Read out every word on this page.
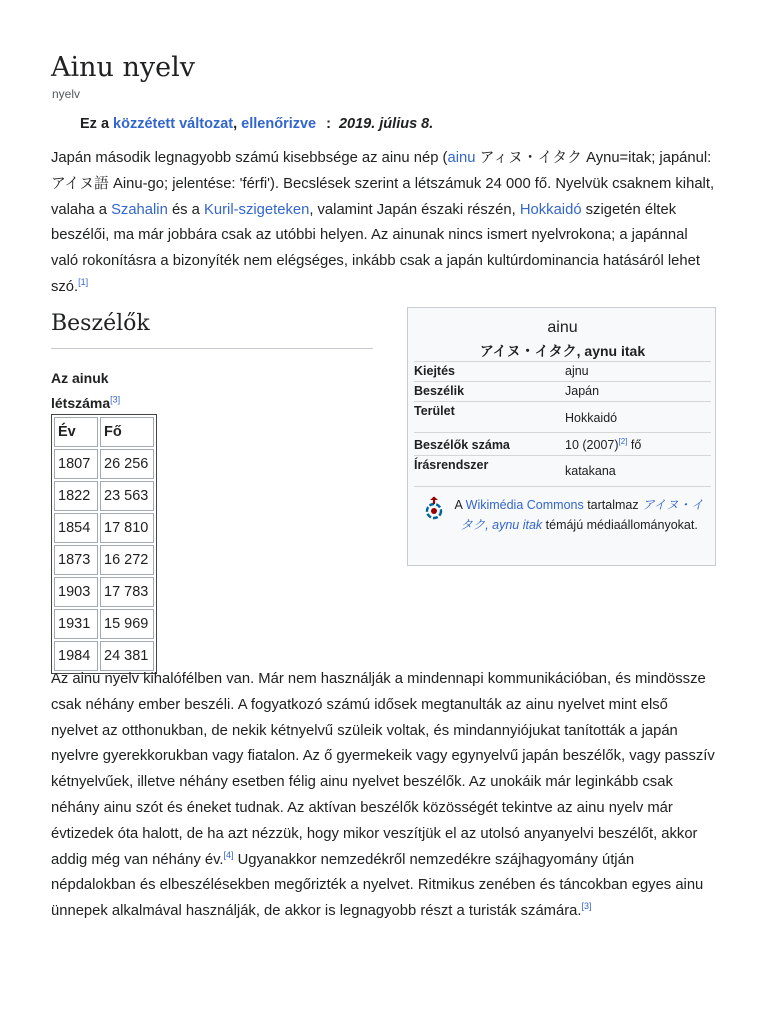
Ainu nyelv
nyelv
Ez a közzétett változat, ellenőrizve : 2019. július 8.

Japán második legnagyobb számú kisebbsége az ainu nép (ainu アィヌ・イタク Aynu=itak; japánul: アイヌ語 Ainu-go; jelentése: 'férfi'). Becslések szerint a létszámuk 24 000 fő. Nyelvük csaknem kihalt, valaha a Szahalin és a Kuril-szigeteken, valamint Japán északi részén, Hokkaidó szigetén éltek beszélői, ma már jobbára csak az utóbbi helyen. Az ainunak nincs ismert nyelvrokona; a japánnal való rokonításra a bizonyíték nem elégséges, inkább csak a japán kultúrdominancia hatásáról lehet szó.[1]

Beszélők
Az ainuk létszáma[3]
Év	Fő
1807	26 256
1822	23 563
1854	17 810
1873	16 272
1903	17 783
1931	15 969
1984	24 381
ainu
アイヌ・イタク, aynu itak
Kiejtés	ajnu
Beszélik	Japán
Terület	Hokkaidó
Beszélők száma	10 (2007)[2] fő
Írásrendszer	katakana
A Wikimédia Commons tartalmaz アイヌ・イタク, aynu itak témájú médiaállományokat.

Az ainu nyelv kihalófélben van. Már nem használják a mindennapi kommunikációban, és mindössze csak néhány ember beszéli. A fogyatkozó számú idősek megtanulták az ainu nyelvet mint első nyelvet az otthonukban, de nekik kétnyelvű szüleik voltak, és mindannyiójukat tanították a japán nyelvre gyerekkorukban vagy fiatalon. Az ő gyermekeik vagy egynyelvű japán beszélők, vagy passzív kétnyelvűek, illetve néhány esetben félig ainu nyelvet beszélők. Az unokáik már leginkább csak néhány ainu szót és éneket tudnak. Az aktívan beszélők közösségét tekintve az ainu nyelv már évtizedek óta halott, de ha azt nézzük, hogy mikor veszítjük el az utolsó anyanyelvi beszélőt, akkor addig még van néhány év.[4] Ugyanakkor nemzedékről nemzedékre szájhagyomány útján népdalokban és elbeszélésekben megőrizték a nyelvet. Ritmikus zenében és táncokban egyes ainu ünnepek alkalmával használják, de akkor is legnagyobb részt a turisták számára.[3]
